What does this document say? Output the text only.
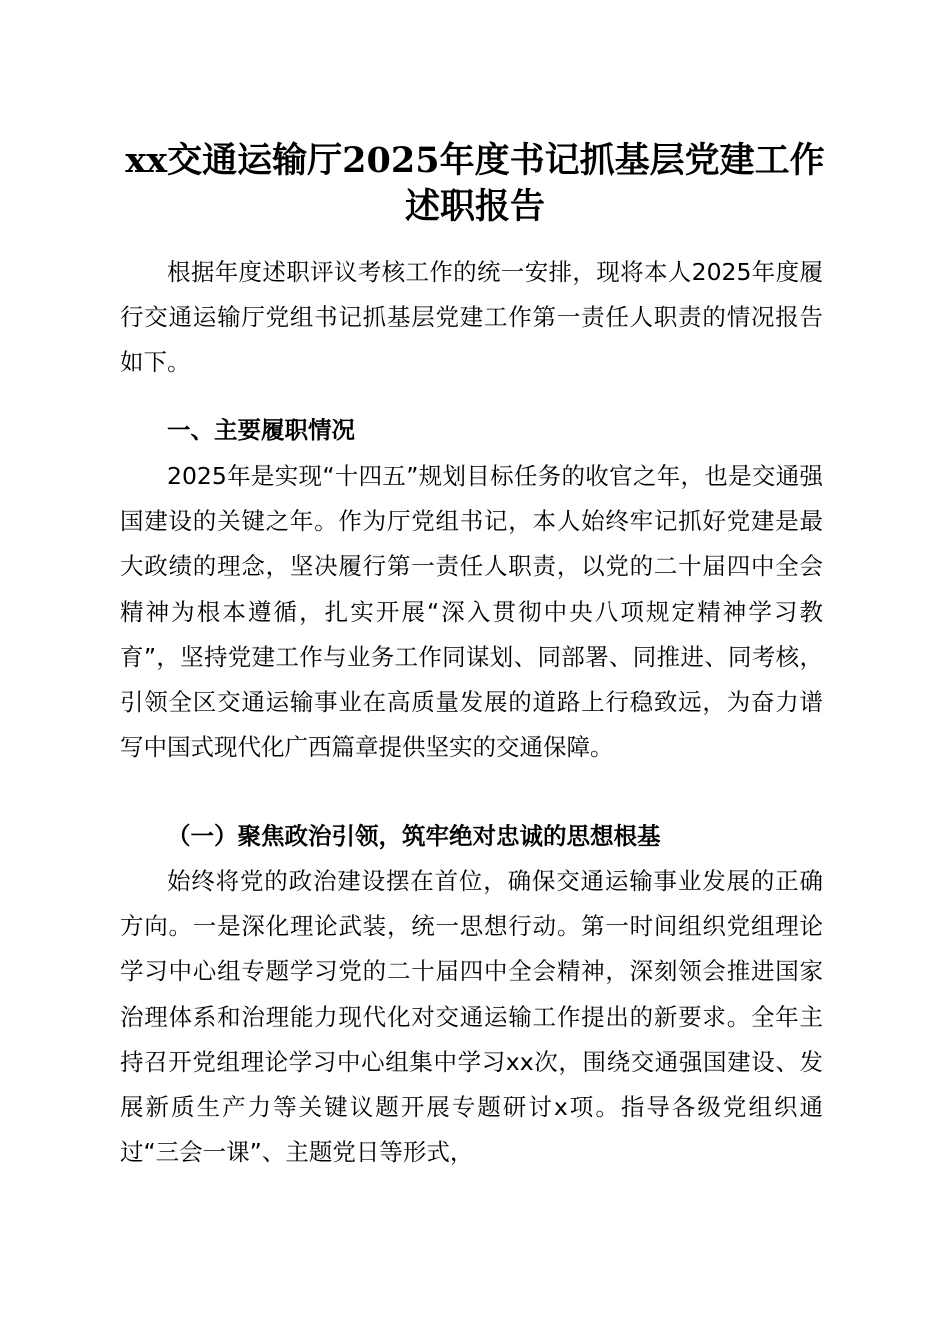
xx交通运输厅2025年度书记抓基层党建工作
述职报告

根据年度述职评议考核工作的统一安排，现将本人2025年度履行交通运输厅党组书记抓基层党建工作第一责任人职责的情况报告如下。

一、主要履职情况

2025年是实现“十四五”规划目标任务的收官之年，也是交通强国建设的关键之年。作为厅党组书记，本人始终牢记抓好党建是最大政绩的理念，坚决履行第一责任人职责，以党的二十届四中全会精神为根本遵循，扎实开展“深入贯彻中央八项规定精神学习教育”，坚持党建工作与业务工作同谋划、同部署、同推进、同考核，引领全区交通运输事业在高质量发展的道路上行稳致远，为奋力谱写中国式现代化广西篇章提供坚实的交通保障。

（一）聚焦政治引领，筑牢绝对忠诚的思想根基

始终将党的政治建设摆在首位，确保交通运输事业发展的正确方向。一是深化理论武装，统一思想行动。第一时间组织党组理论学习中心组专题学习党的二十届四中全会精神，深刻领会推进国家治理体系和治理能力现代化对交通运输工作提出的新要求。全年主持召开党组理论学习中心组集中学习xx次，围绕交通强国建设、发展新质生产力等关键议题开展专题研讨x项。指导各级党组织通过“三会一课”、主题党日等形式，
